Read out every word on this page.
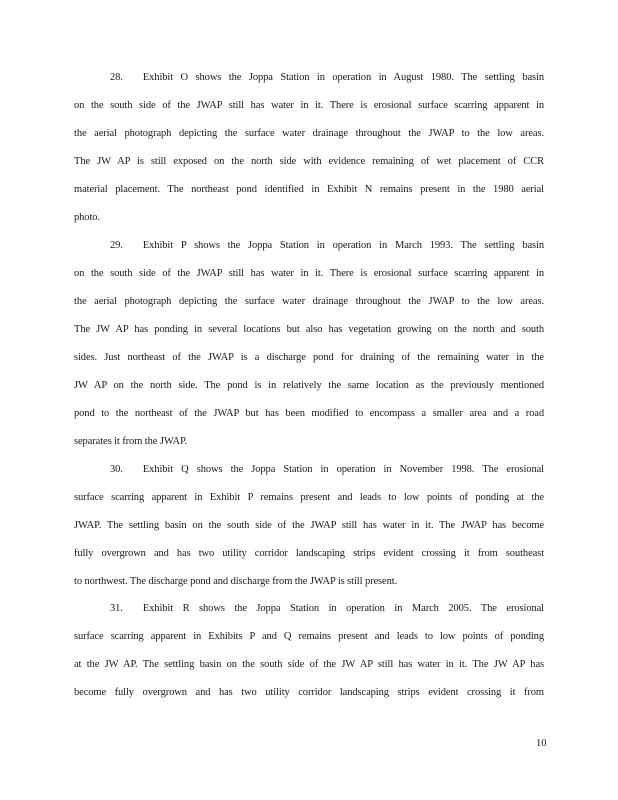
28. Exhibit O shows the Joppa Station in operation in August 1980. The settling basin
on the south side of the JWAP still has water in it. There is erosional surface scarring apparent in
the aerial photograph depicting the surface water drainage throughout the JWAP to the low areas.
The JW AP is still exposed on the north side with evidence remaining of wet placement of CCR
material placement. The northeast pond identified in Exhibit N remains present in the 1980 aerial
photo.
29. Exhibit P shows the Joppa Station in operation in March 1993. The settling basin
on the south side of the JWAP still has water in it. There is erosional surface scarring apparent in
the aerial photograph depicting the surface water drainage throughout the JWAP to the low areas.
The JW AP has ponding in several locations but also has vegetation growing on the north and south
sides. Just northeast of the JWAP is a discharge pond for draining of the remaining water in the
JW AP on the north side. The pond is in relatively the same location as the previously mentioned
pond to the northeast of the JWAP but has been modified to encompass a smaller area and a road
separates it from the JWAP.
30. Exhibit Q shows the Joppa Station in operation in November 1998. The erosional
surface scarring apparent in Exhibit P remains present and leads to low points of ponding at the
JWAP. The settling basin on the south side of the JWAP still has water in it. The JWAP has become
fully overgrown and has two utility corridor landscaping strips evident crossing it from southeast
to northwest. The discharge pond and discharge from the JWAP is still present.
31. Exhibit R shows the Joppa Station in operation in March 2005. The erosional
surface scarring apparent in Exhibits P and Q remains present and leads to low points of ponding
at the JW AP. The settling basin on the south side of the JW AP still has water in it. The JW AP has
become fully overgrown and has two utility corridor landscaping strips evident crossing it from
10
